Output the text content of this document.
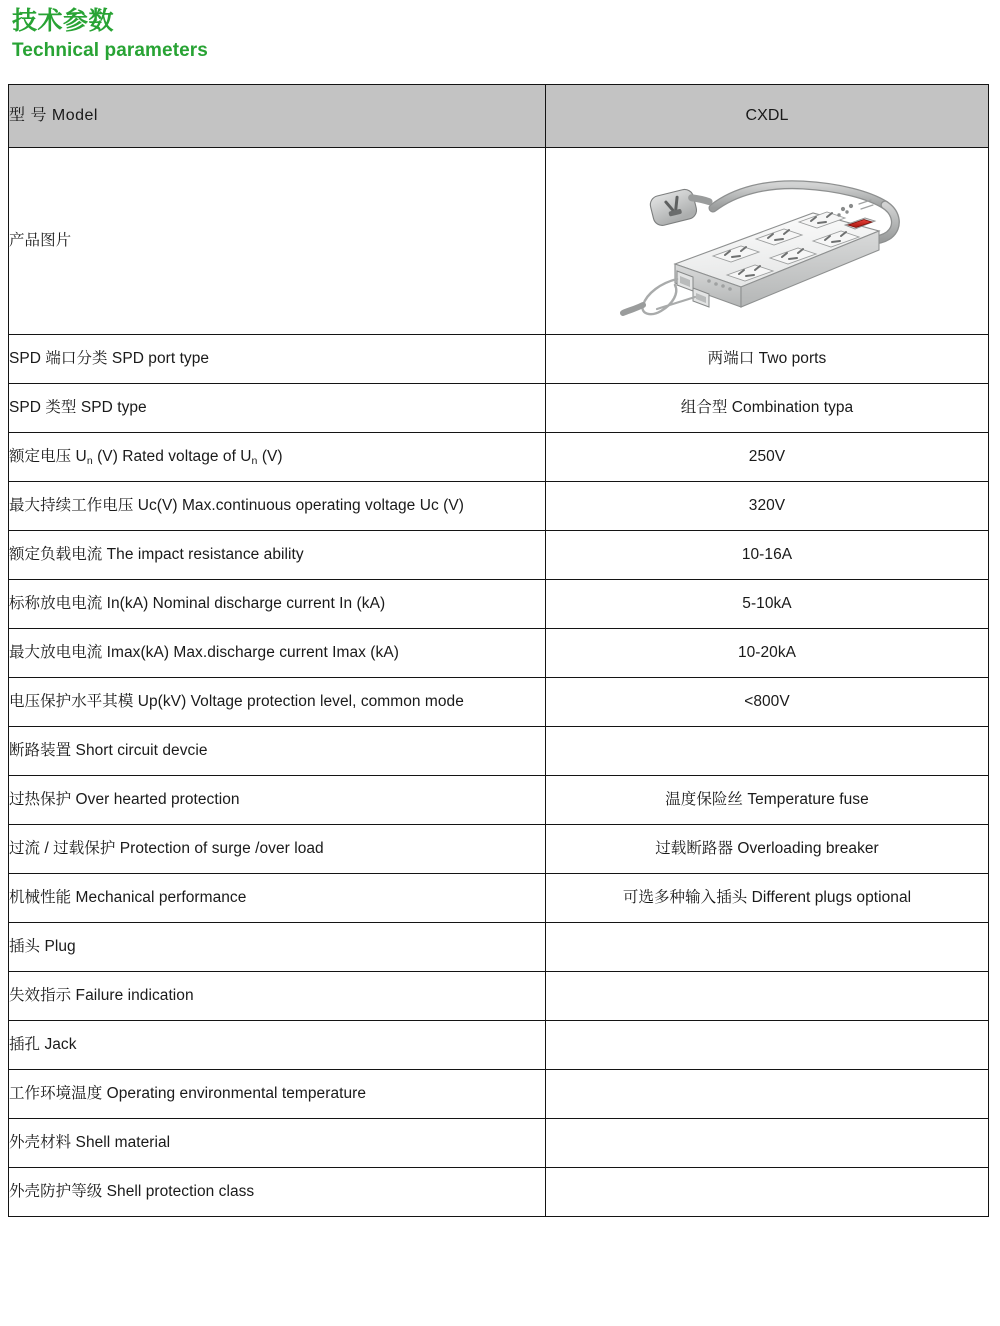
技术参数
Technical parameters
型 号 Model	CXDL
产品图片	

SPD 端口分类 SPD port type	两端口 Two ports
SPD 类型 SPD type	组合型 Combination typa
额定电压 $U_n$ (V) Rated voltage of $U_n$ (V)	250V
最大持续工作电压 Uc(V) Max.continuous operating voltage Uc (V)	320V
额定负载电流 The impact resistance ability	10-16A
标称放电电流 In(kA) Nominal discharge current In (kA)	5-10kA
最大放电电流 Imax(kA) Max.discharge current Imax (kA)	10-20kA
电压保护水平其模 Up(kV) Voltage protection level, common mode	<800V
断路装置 Short circuit devcie	
过热保护 Over hearted protection	温度保险丝 Temperature fuse
过流 / 过载保护 Protection of surge /over load	过载断路器 Overloading breaker
机械性能 Mechanical performance	可选多种输入插头 Different plugs optional
插头 Plug	
失效指示 Failure indication	
插孔 Jack	
工作环境温度 Operating environmental temperature	
外壳材料 Shell material	
外壳防护等级 Shell protection class	
